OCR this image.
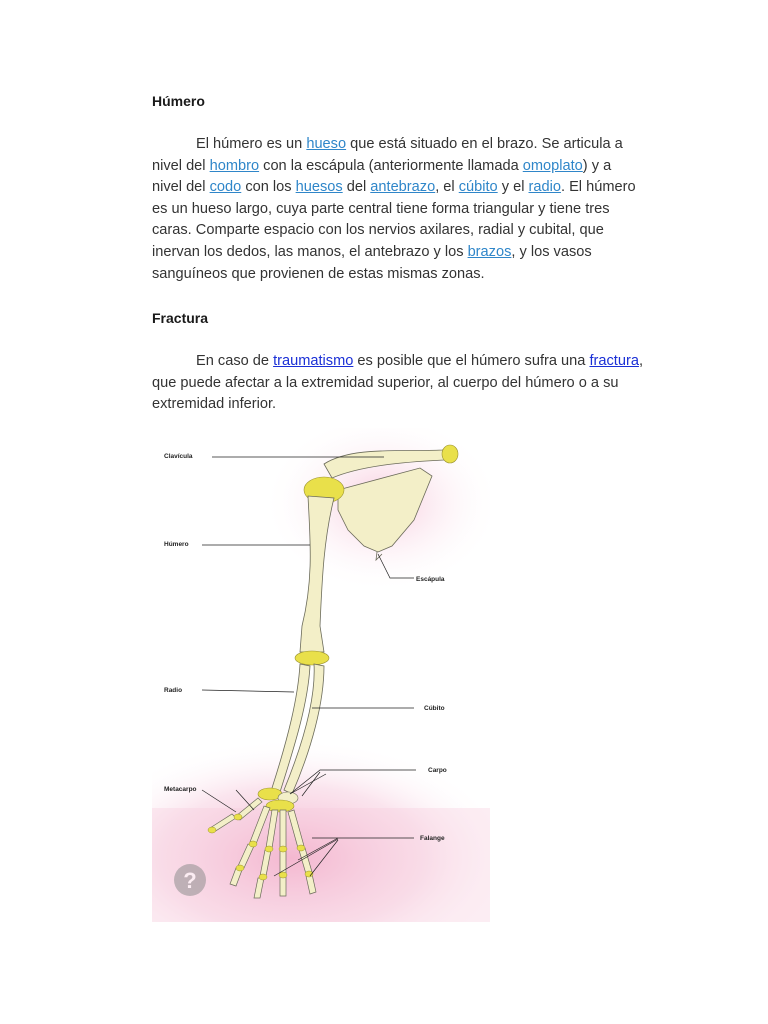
Húmero

El húmero es un hueso que está situado en el brazo. Se articula a
nivel del hombro con la escápula (anteriormente llamada omoplato) y a
nivel del codo con los huesos del antebrazo, el cúbito y el radio. El húmero
es un hueso largo, cuya parte central tiene forma triangular y tiene tres
caras. Comparte espacio con los nervios axilares, radial y cubital, que
inervan los dedos, las manos, el antebrazo y los brazos, y los vasos
sanguíneos que provienen de estas mismas zonas.

Fractura

En caso de traumatismo es posible que el húmero sufra una fractura,
que puede afectar a la extremidad superior, al cuerpo del húmero o a su
extremidad inferior.

Clavícula
Húmero
Escápula
Radio
Cúbito
Carpo
Metacarpo
Falange
?
